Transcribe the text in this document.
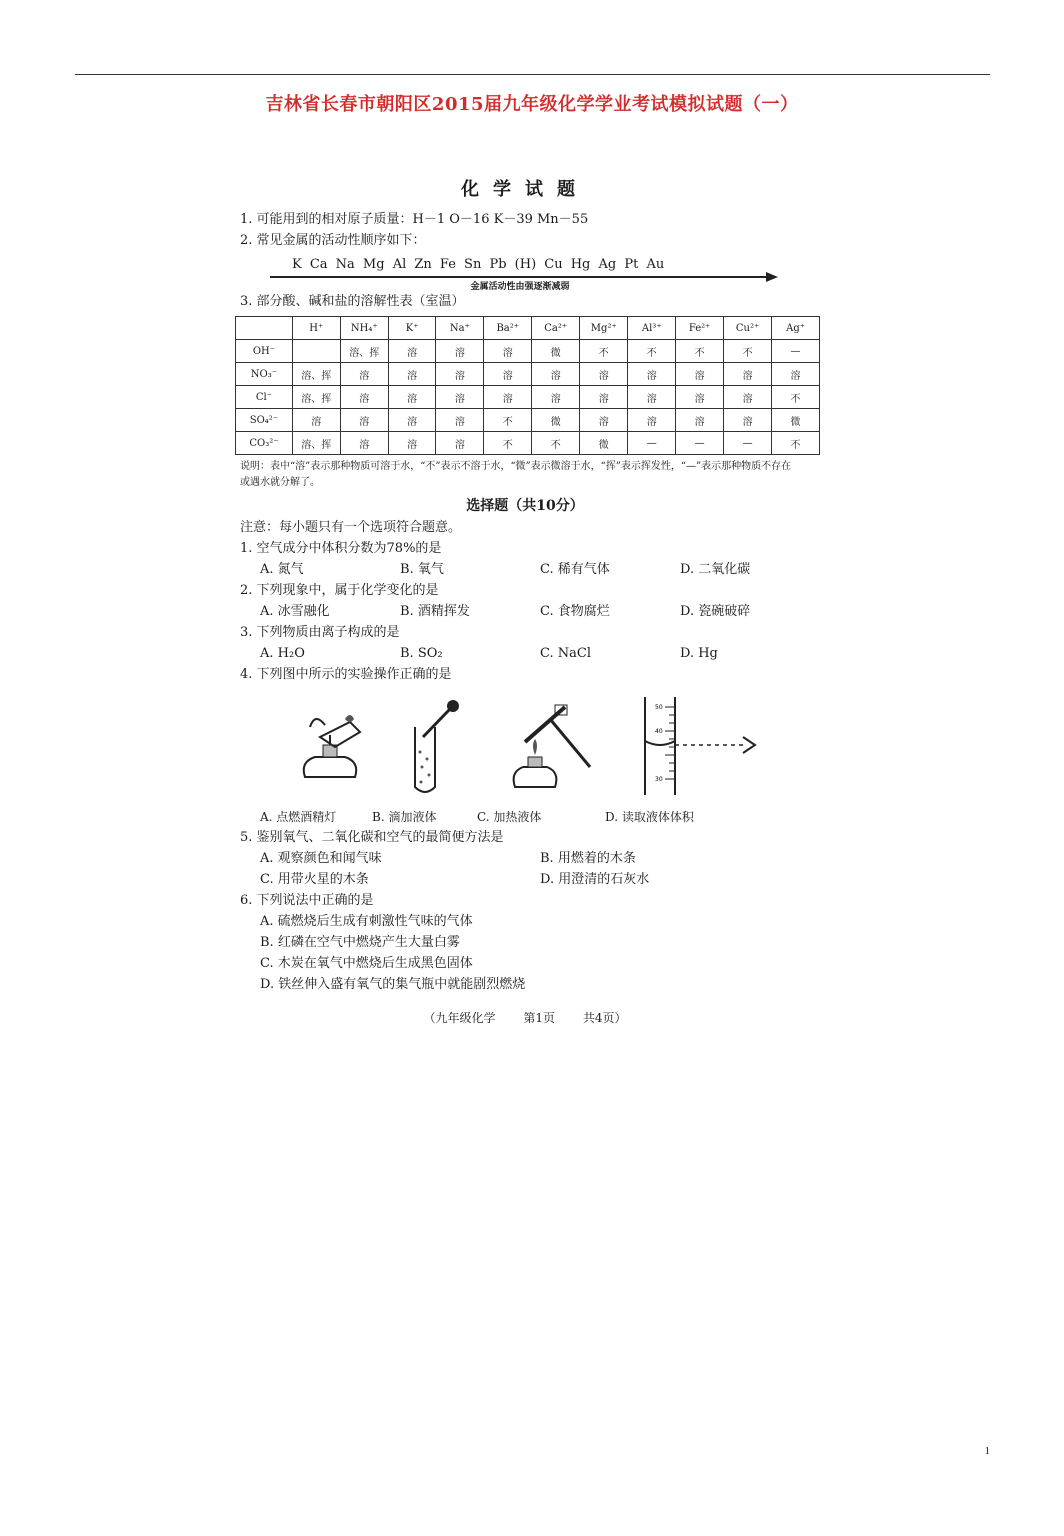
吉林省长春市朝阳区2015届九年级化学学业考试模拟试题（一）
化学试题
1. 可能用到的相对原子质量：H－1 O－16 K－39 Mn－55
2. 常见金属的活动性顺序如下：
K Ca Na Mg Al Zn Fe Sn Pb (H) Cu Hg Ag Pt Au
金属活动性由强逐渐减弱
3. 部分酸、碱和盐的溶解性表（室温）
	H⁺	NH₄⁺	K⁺	Na⁺	Ba²⁺	Ca²⁺	Mg²⁺	Al³⁺	Fe²⁺	Cu²⁺	Ag⁺
OH⁻		溶、挥	溶	溶	溶	微	不	不	不	不	—
NO₃⁻	溶、挥	溶	溶	溶	溶	溶	溶	溶	溶	溶	溶
Cl⁻	溶、挥	溶	溶	溶	溶	溶	溶	溶	溶	溶	不
SO₄²⁻	溶	溶	溶	溶	不	微	溶	溶	溶	溶	微
CO₃²⁻	溶、挥	溶	溶	溶	不	不	微	—	—	—	不
说明：表中“溶”表示那种物质可溶于水，“不”表示不溶于水，“微”表示微溶于水，“挥”表示挥发性，“—”表示那种物质不存在或遇水就分解了。
选择题（共10分）
注意：每小题只有一个选项符合题意。
1. 空气成分中体积分数为78%的是
A. 氮气	B. 氧气	C. 稀有气体	D. 二氧化碳
2. 下列现象中，属于化学变化的是
A. 冰雪融化	B. 酒精挥发	C. 食物腐烂	D. 瓷碗破碎
3. 下列物质由离子构成的是
A. H₂O	B. SO₂	C. NaCl	D. Hg
4. 下列图中所示的实验操作正确的是
50
40
30
A. 点燃酒精灯	B. 滴加液体	C. 加热液体	D. 读取液体体积
5. 鉴别氧气、二氧化碳和空气的最简便方法是
A. 观察颜色和闻气味	B. 用燃着的木条
C. 用带火星的木条	D. 用澄清的石灰水
6. 下列说法中正确的是
A. 硫燃烧后生成有刺激性气味的气体
B. 红磷在空气中燃烧产生大量白雾
C. 木炭在氧气中燃烧后生成黑色固体
D. 铁丝伸入盛有氧气的集气瓶中就能剧烈燃烧
（九年级化学 第1页 共4页）
1
